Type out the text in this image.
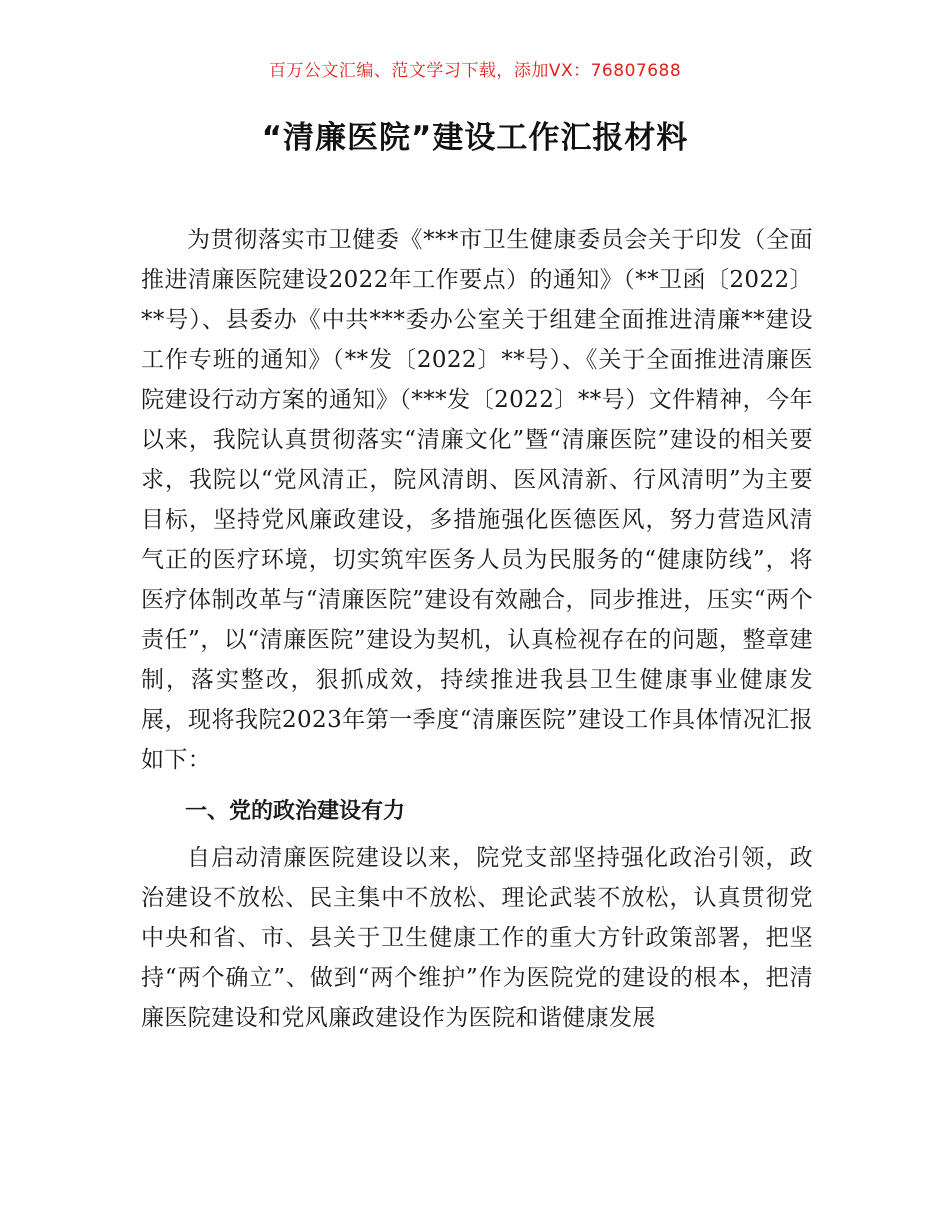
百万公文汇编、范文学习下载，添加VX：76807688
“清廉医院”建设工作汇报材料

为贯彻落实市卫健委《***市卫生健康委员会关于印发（全面推进清廉医院建设2022年工作要点）的通知》（**卫函〔2022〕**号）、县委办《中共***委办公室关于组建全面推进清廉**建设工作专班的通知》（**发〔2022〕**号）、《关于全面推进清廉医院建设行动方案的通知》（***发〔2022〕**号）文件精神，今年以来，我院认真贯彻落实“清廉文化”暨“清廉医院”建设的相关要求，我院以“党风清正，院风清朗、医风清新、行风清明”为主要目标，坚持党风廉政建设，多措施强化医德医风，努力营造风清气正的医疗环境，切实筑牢医务人员为民服务的“健康防线”，将医疗体制改革与“清廉医院”建设有效融合，同步推进，压实“两个责任”，以“清廉医院”建设为契机，认真检视存在的问题，整章建制，落实整改，狠抓成效，持续推进我县卫生健康事业健康发展，现将我院2023年第一季度“清廉医院”建设工作具体情况汇报如下：

一、党的政治建设有力

自启动清廉医院建设以来，院党支部坚持强化政治引领，政治建设不放松、民主集中不放松、理论武装不放松，认真贯彻党中央和省、市、县关于卫生健康工作的重大方针政策部署，把坚持“两个确立”、做到“两个维护”作为医院党的建设的根本，把清廉医院建设和党风廉政建设作为医院和谐健康发展
